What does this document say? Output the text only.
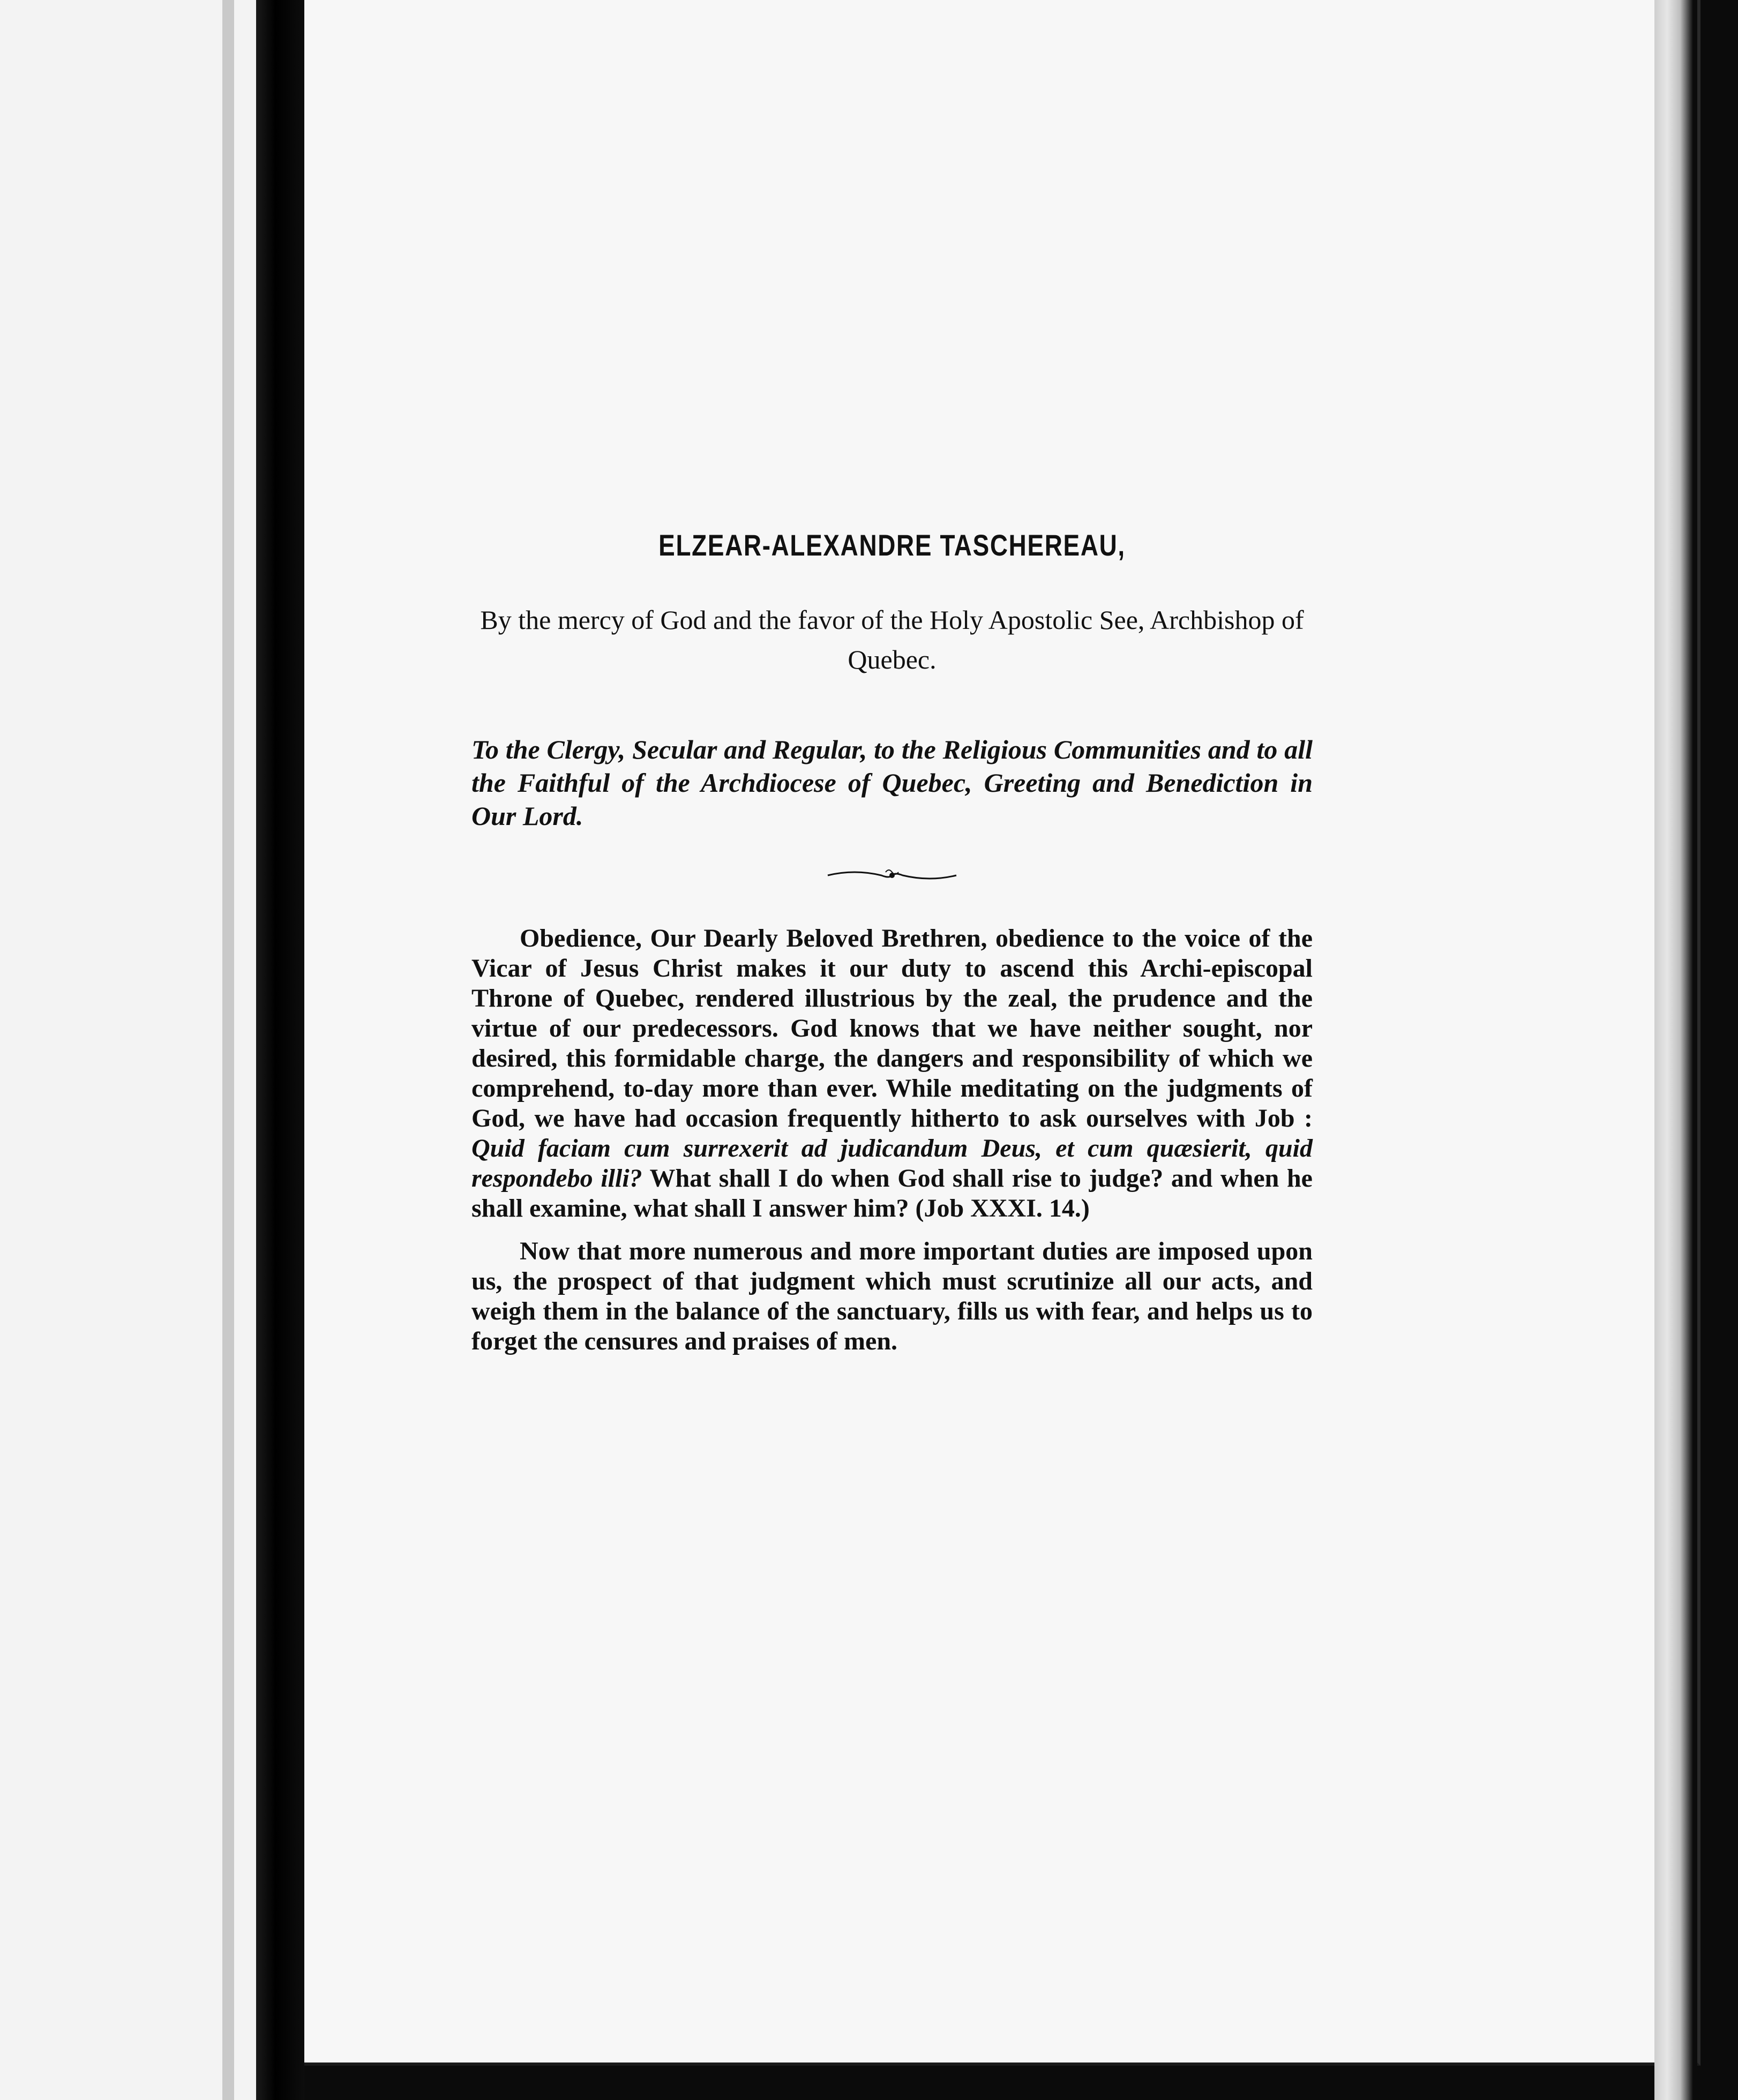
ELZEAR-ALEXANDRE TASCHEREAU,
By the mercy of God and the favor of the Holy Apostolic See, Archbishop of Quebec.
To the Clergy, Secular and Regular, to the Religious Communities and to all the Faithful of the Archdiocese of Quebec, Greeting and Benediction in Our Lord.

Obedience, Our Dearly Beloved Brethren, obedience to the voice of the Vicar of Jesus Christ makes it our duty to ascend this Archi-episcopal Throne of Quebec, rendered illustrious by the zeal, the prudence and the virtue of our predecessors. God knows that we have neither sought, nor desired, this formidable charge, the dangers and responsibility of which we comprehend, to-day more than ever. While meditating on the judgments of God, we have had occasion frequently hitherto to ask ourselves with Job : Quid faciam cum surrexerit ad judicandum Deus, et cum quæsierit, quid respondebo illi? What shall I do when God shall rise to judge? and when he shall examine, what shall I answer him? (Job XXXI. 14.)

Now that more numerous and more important duties are imposed upon us, the prospect of that judgment which must scrutinize all our acts, and weigh them in the balance of the sanctuary, fills us with fear, and helps us to forget the censures and praises of men.
